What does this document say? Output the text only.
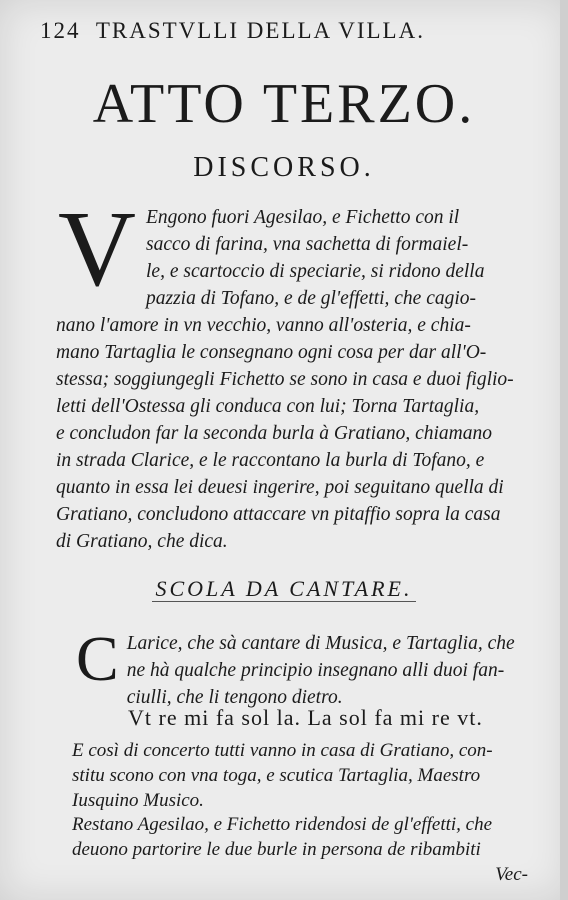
124 TRASTVLLI DELLA VILLA.
ATTO TERZO.
DISCORSO.
V Engono fuori Agesilao, e Fichetto con il
sacco di farina, vna sachetta di formaiel-
le, e scartoccio di speciarie, si ridono della
pazzia di Tofano, e de gl'effetti, che cagio-
nano l'amore in vn vecchio, vanno all'osteria, e chia-
mano Tartaglia le consegnano ogni cosa per dar all'O-
stessa; soggiungegli Fichetto se sono in casa e duoi figlio-
letti dell'Ostessa gli conduca con lui; Torna Tartaglia,
e concludon far la seconda burla à Gratiano, chiamano
in strada Clarice, e le raccontano la burla di Tofano, e
quanto in essa lei deuesi ingerire, poi seguitano quella di
Gratiano, concludono attaccare vn pitaffio sopra la casa
di Gratiano, che dica.
SCOLA DA CANTARE.
C Larice, che sà cantare di Musica, e Tartaglia, che
ne hà qualche principio insegnano alli duoi fan-
ciulli, che li tengono dietro.
Vt re mi fa sol la. La sol fa mi re vt.
E così di concerto tutti vanno in casa di Gratiano, con-
stitu scono con vna toga, e scutica Tartaglia, Maestro
Iusquino Musico.
Restano Agesilao, e Fichetto ridendosi de gl'effetti, che
deuono partorire le due burle in persona de ribambiti
Vec-
